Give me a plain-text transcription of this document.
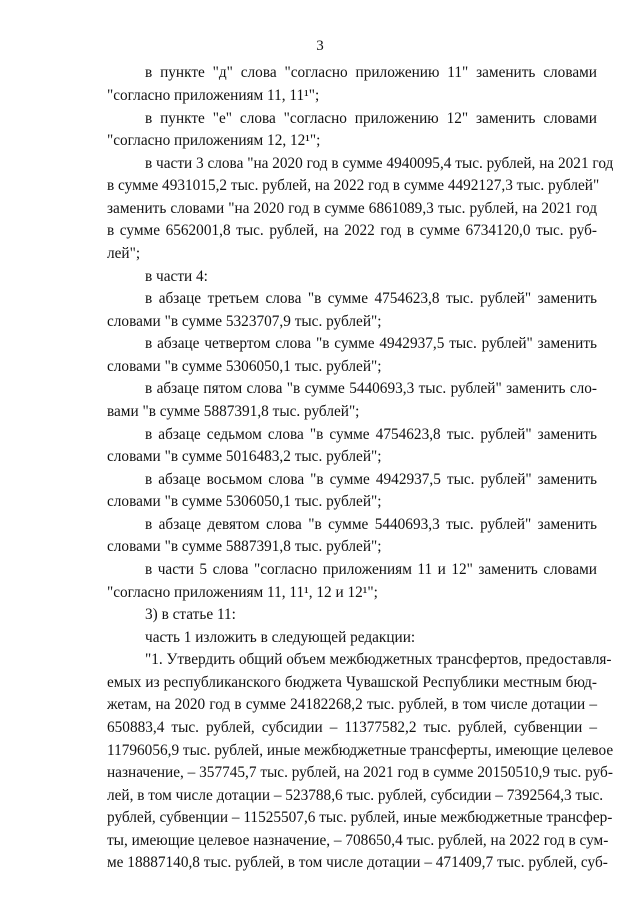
3
в пункте "д" слова "согласно приложению 11" заменить словами
"согласно приложениям 11, 11¹";
в пункте "е" слова "согласно приложению 12" заменить словами
"согласно приложениям 12, 12¹";
в части 3 слова "на 2020 год в сумме 4940095,4 тыс. рублей, на 2021 год
в сумме 4931015,2 тыс. рублей, на 2022 год в сумме 4492127,3 тыс. рублей"
заменить словами "на 2020 год в сумме 6861089,3 тыс. рублей, на 2021 год
в сумме 6562001,8 тыс. рублей, на 2022 год в сумме 6734120,0 тыс. руб-
лей";
в части 4:
в абзаце третьем слова "в сумме 4754623,8 тыс. рублей" заменить
словами "в сумме 5323707,9 тыс. рублей";
в абзаце четвертом слова "в сумме 4942937,5 тыс. рублей" заменить
словами "в сумме 5306050,1 тыс. рублей";
в абзаце пятом слова "в сумме 5440693,3 тыс. рублей" заменить сло-
вами "в сумме 5887391,8 тыс. рублей";
в абзаце седьмом слова "в сумме 4754623,8 тыс. рублей" заменить
словами "в сумме 5016483,2 тыс. рублей";
в абзаце восьмом слова "в сумме 4942937,5 тыс. рублей" заменить
словами "в сумме 5306050,1 тыс. рублей";
в абзаце девятом слова "в сумме 5440693,3 тыс. рублей" заменить
словами "в сумме 5887391,8 тыс. рублей";
в части 5 слова "согласно приложениям 11 и 12" заменить словами
"согласно приложениям 11, 11¹, 12 и 12¹";
3) в статье 11:
часть 1 изложить в следующей редакции:
"1. Утвердить общий объем межбюджетных трансфертов, предоставля-
емых из республиканского бюджета Чувашской Республики местным бюд-
жетам, на 2020 год в сумме 24182268,2 тыс. рублей, в том числе дотации –
650883,4 тыс. рублей, субсидии – 11377582,2 тыс. рублей, субвенции –
11796056,9 тыс. рублей, иные межбюджетные трансферты, имеющие целевое
назначение, – 357745,7 тыс. рублей, на 2021 год в сумме 20150510,9 тыс. руб-
лей, в том числе дотации – 523788,6 тыс. рублей, субсидии – 7392564,3 тыс.
рублей, субвенции – 11525507,6 тыс. рублей, иные межбюджетные трансфер-
ты, имеющие целевое назначение, – 708650,4 тыс. рублей, на 2022 год в сум-
ме 18887140,8 тыс. рублей, в том числе дотации – 471409,7 тыс. рублей, суб-
